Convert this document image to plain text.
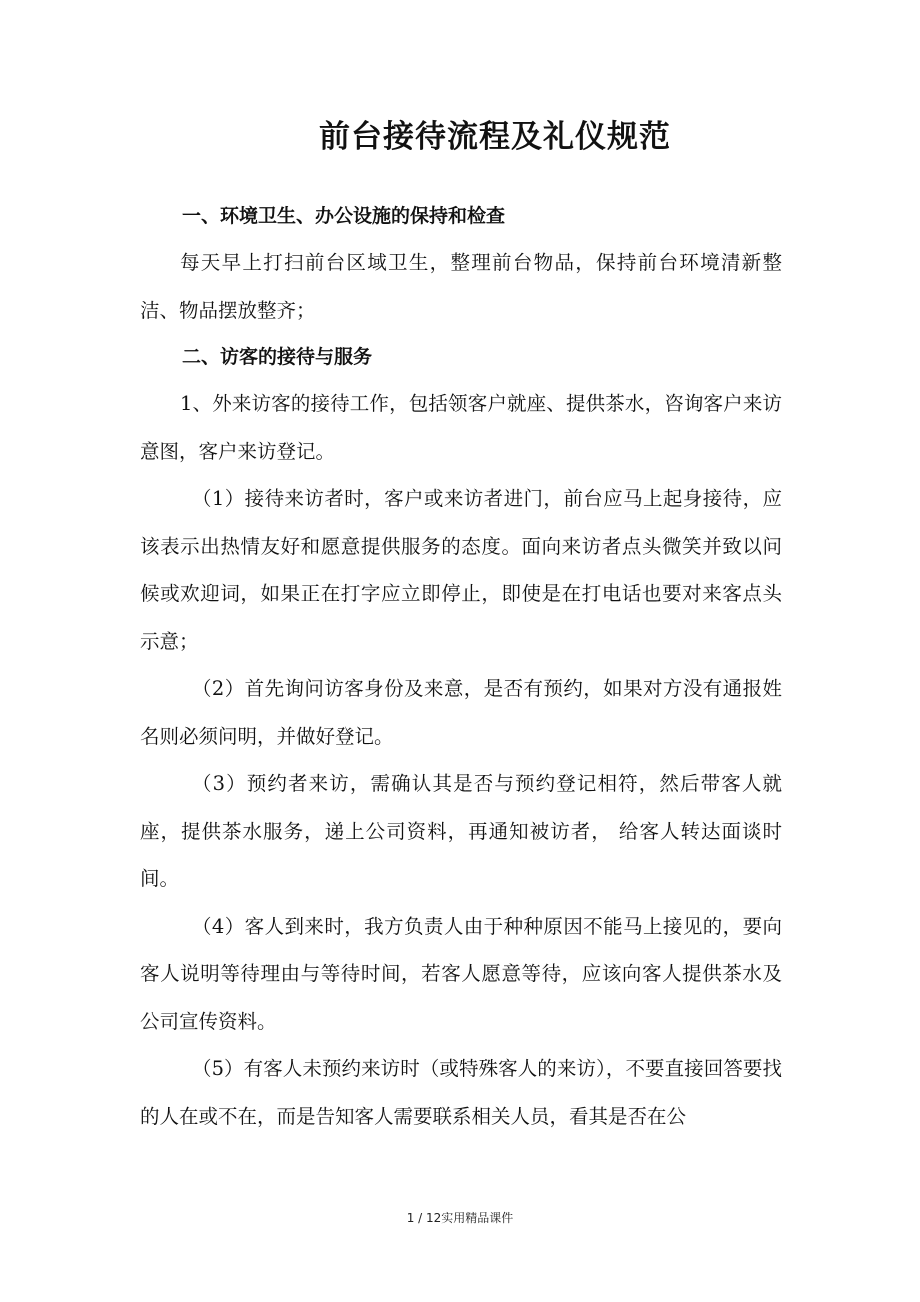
前台接待流程及礼仪规范
一、环境卫生、办公设施的保持和检查

每天早上打扫前台区域卫生，整理前台物品，保持前台环境清新整洁、物品摆放整齐；

二、访客的接待与服务

1、外来访客的接待工作，包括领客户就座、提供茶水，咨询客户来访意图，客户来访登记。

（1）接待来访者时，客户或来访者进门，前台应马上起身接待，应该表示出热情友好和愿意提供服务的态度。面向来访者点头微笑并致以问候或欢迎词，如果正在打字应立即停止，即使是在打电话也要对来客点头示意；

（2）首先询问访客身份及来意，是否有预约，如果对方没有通报姓名则必须问明，并做好登记。

（3）预约者来访，需确认其是否与预约登记相符，然后带客人就座，提供茶水服务，递上公司资料，再通知被访者， 给客人转达面谈时间。

（4）客人到来时，我方负责人由于种种原因不能马上接见的，要向客人说明等待理由与等待时间，若客人愿意等待，应该向客人提供茶水及公司宣传资料。

（5）有客人未预约来访时（或特殊客人的来访），不要直接回答要找的人在或不在，而是告知客人需要联系相关人员，看其是否在公

1 / 12实用精品课件
